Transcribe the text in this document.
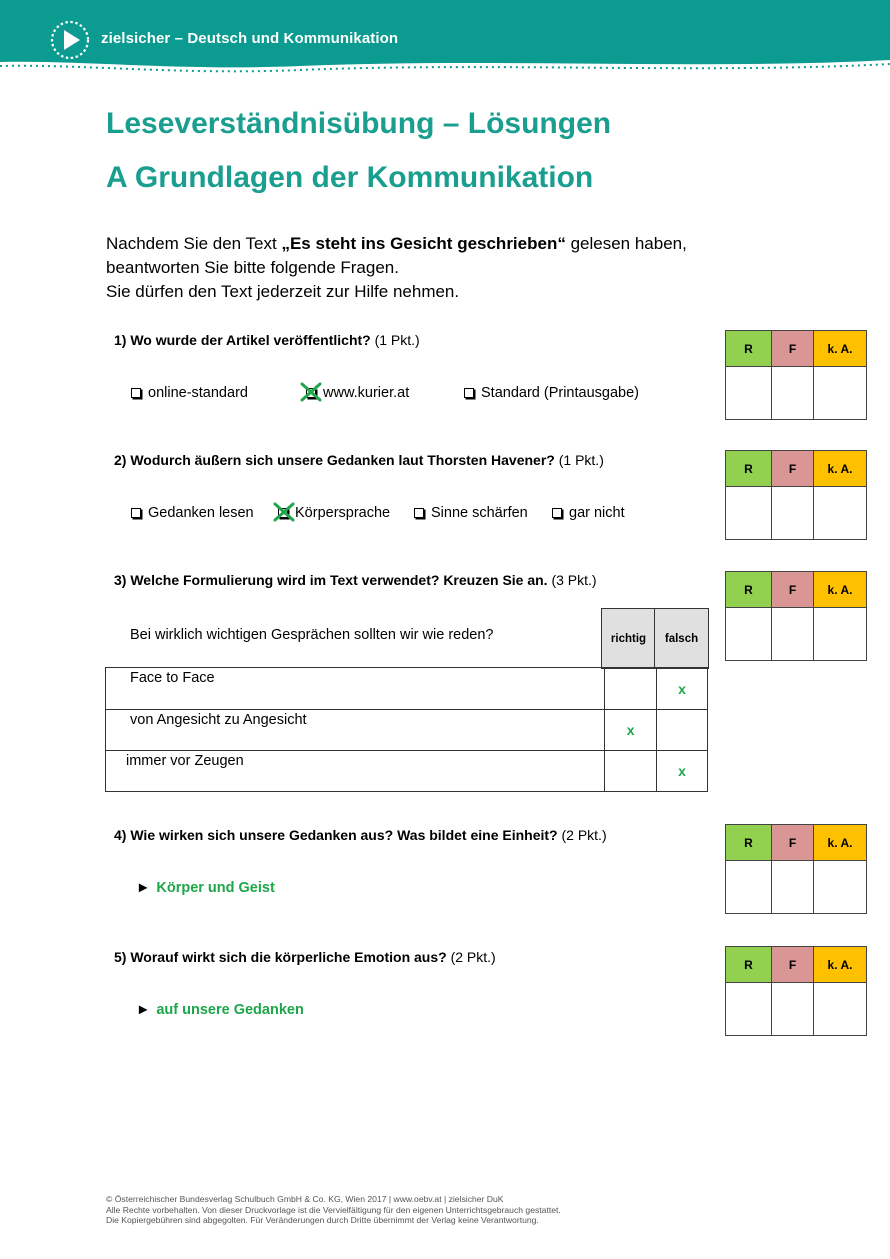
zielsicher – Deutsch und Kommunikation
Leseverständnisübung – Lösungen
A Grundlagen der Kommunikation

Nachdem Sie den Text „Es steht ins Gesicht geschrieben“ gelesen haben,

beantworten Sie bitte folgende Fragen.

Sie dürfen den Text jederzeit zur Hilfe nehmen.

1) Wo wurde der Artikel veröffentlicht? (1 Pkt.)
online-standard	www.kurier.at	Standard (Printausgabe)
R	F	k. A.

2) Wodurch äußern sich unsere Gedanken laut Thorsten Havener? (1 Pkt.)
Gedanken lesen	Körpersprache	Sinne schärfen	gar nicht
R	F	k. A.

3) Welche Formulierung wird im Text verwendet? Kreuzen Sie an. (3 Pkt.)
Bei wirklich wichtigen Gesprächen sollten wir wie reden?	richtig	falsch
Face to Face		x
von Angesicht zu Angesicht	x	
immer vor Zeugen		x
R	F	k. A.

4) Wie wirken sich unsere Gedanken aus? Was bildet eine Einheit? (2 Pkt.)
► Körper und Geist
R	F	k. A.

5) Worauf wirkt sich die körperliche Emotion aus? (2 Pkt.)
► auf unsere Gedanken
R	F	k. A.

© Österreichischer Bundesverlag Schulbuch GmbH & Co. KG, Wien 2017 | www.oebv.at | zielsicher DuK

Alle Rechte vorbehalten. Von dieser Druckvorlage ist die Vervielfältigung für den eigenen Unterrichtsgebrauch gestattet.

Die Kopiergebühren sind abgegolten. Für Veränderungen durch Dritte übernimmt der Verlag keine Verantwortung.
